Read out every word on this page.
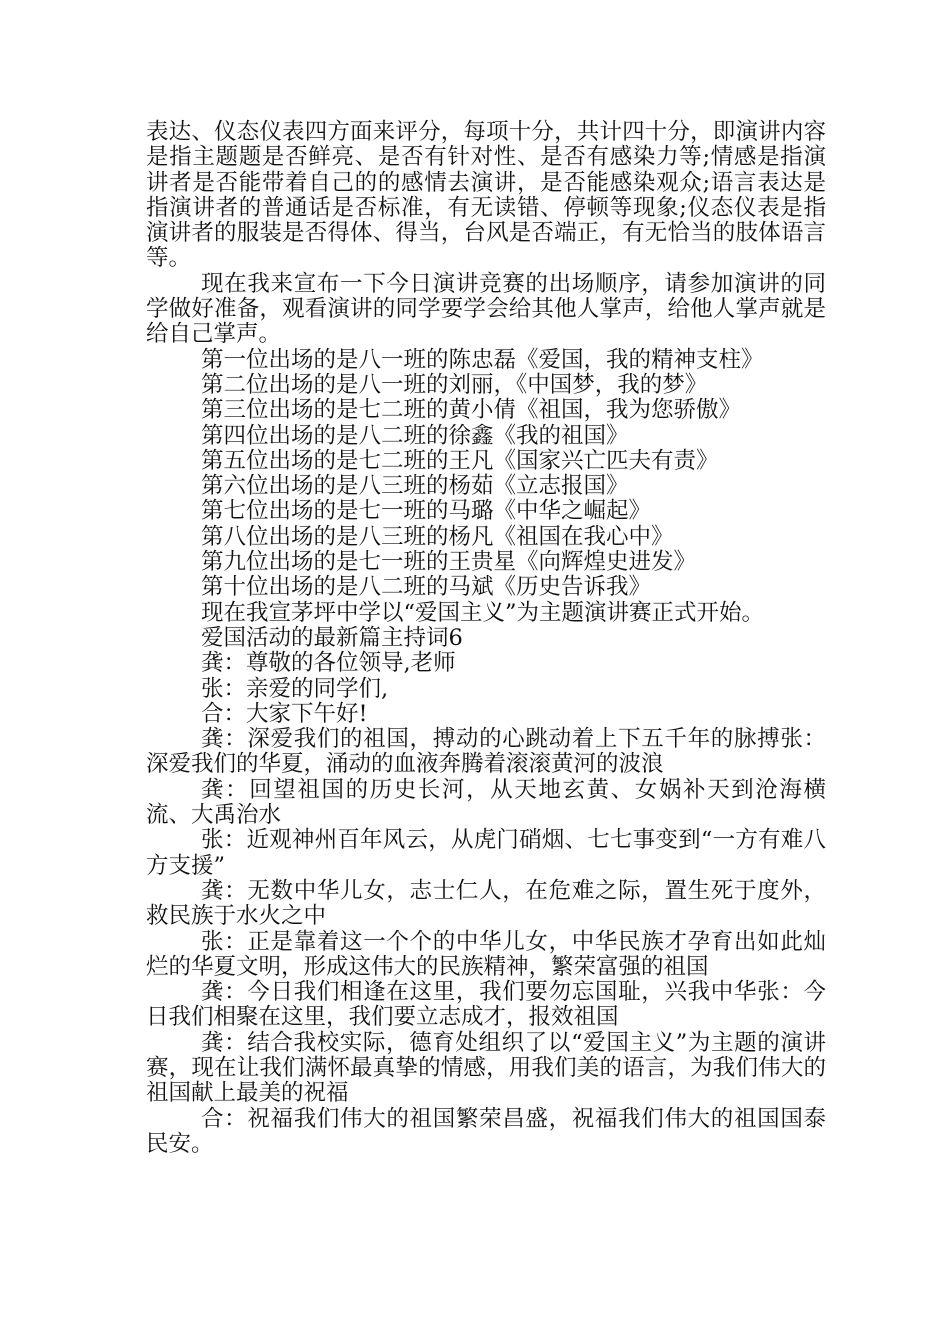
表达、仪态仪表四方面来评分，每项十分，共计四十分，即演讲内容是指主题题是否鲜亮、是否有针对性、是否有感染力等;情感是指演讲者是否能带着自己的的感情去演讲，是否能感染观众;语言表达是指演讲者的普通话是否标准，有无读错、停顿等现象;仪态仪表是指演讲者的服装是否得体、得当，台风是否端正，有无恰当的肢体语言等。

现在我来宣布一下今日演讲竞赛的出场顺序，请参加演讲的同学做好准备，观看演讲的同学要学会给其他人掌声，给他人掌声就是给自己掌声。

第一位出场的是八一班的陈忠磊《爱国，我的精神支柱》

第二位出场的是八一班的刘丽，《中国梦，我的梦》

第三位出场的是七二班的黄小倩《祖国，我为您骄傲》

第四位出场的是八二班的徐鑫《我的祖国》

第五位出场的是七二班的王凡《国家兴亡匹夫有责》

第六位出场的是八三班的杨茹《立志报国》

第七位出场的是七一班的马璐《中华之崛起》

第八位出场的是八三班的杨凡《祖国在我心中》

第九位出场的是七一班的王贵星《向辉煌史进发》

第十位出场的是八二班的马斌《历史告诉我》

现在我宣茅坪中学以“爱国主义”为主题演讲赛正式开始。

爱国活动的最新篇主持词6

龚：尊敬的各位领导,老师

张：亲爱的同学们,

合：大家下午好!

龚：深爱我们的祖国，搏动的心跳动着上下五千年的脉搏张：深爱我们的华夏，涌动的血液奔腾着滚滚黄河的波浪

龚：回望祖国的历史长河，从天地玄黄、女娲补天到沧海横流、大禹治水

张：近观神州百年风云，从虎门硝烟、七七事变到“一方有难八方支援”

龚：无数中华儿女，志士仁人，在危难之际，置生死于度外，救民族于水火之中

张：正是靠着这一个个的中华儿女，中华民族才孕育出如此灿烂的华夏文明，形成这伟大的民族精神，繁荣富强的祖国

龚：今日我们相逢在这里，我们要勿忘国耻，兴我中华张：今日我们相聚在这里，我们要立志成才，报效祖国

龚：结合我校实际，德育处组织了以“爱国主义”为主题的演讲赛，现在让我们满怀最真挚的情感，用我们美的语言，为我们伟大的祖国献上最美的祝福

合：祝福我们伟大的祖国繁荣昌盛，祝福我们伟大的祖国国泰民安。
